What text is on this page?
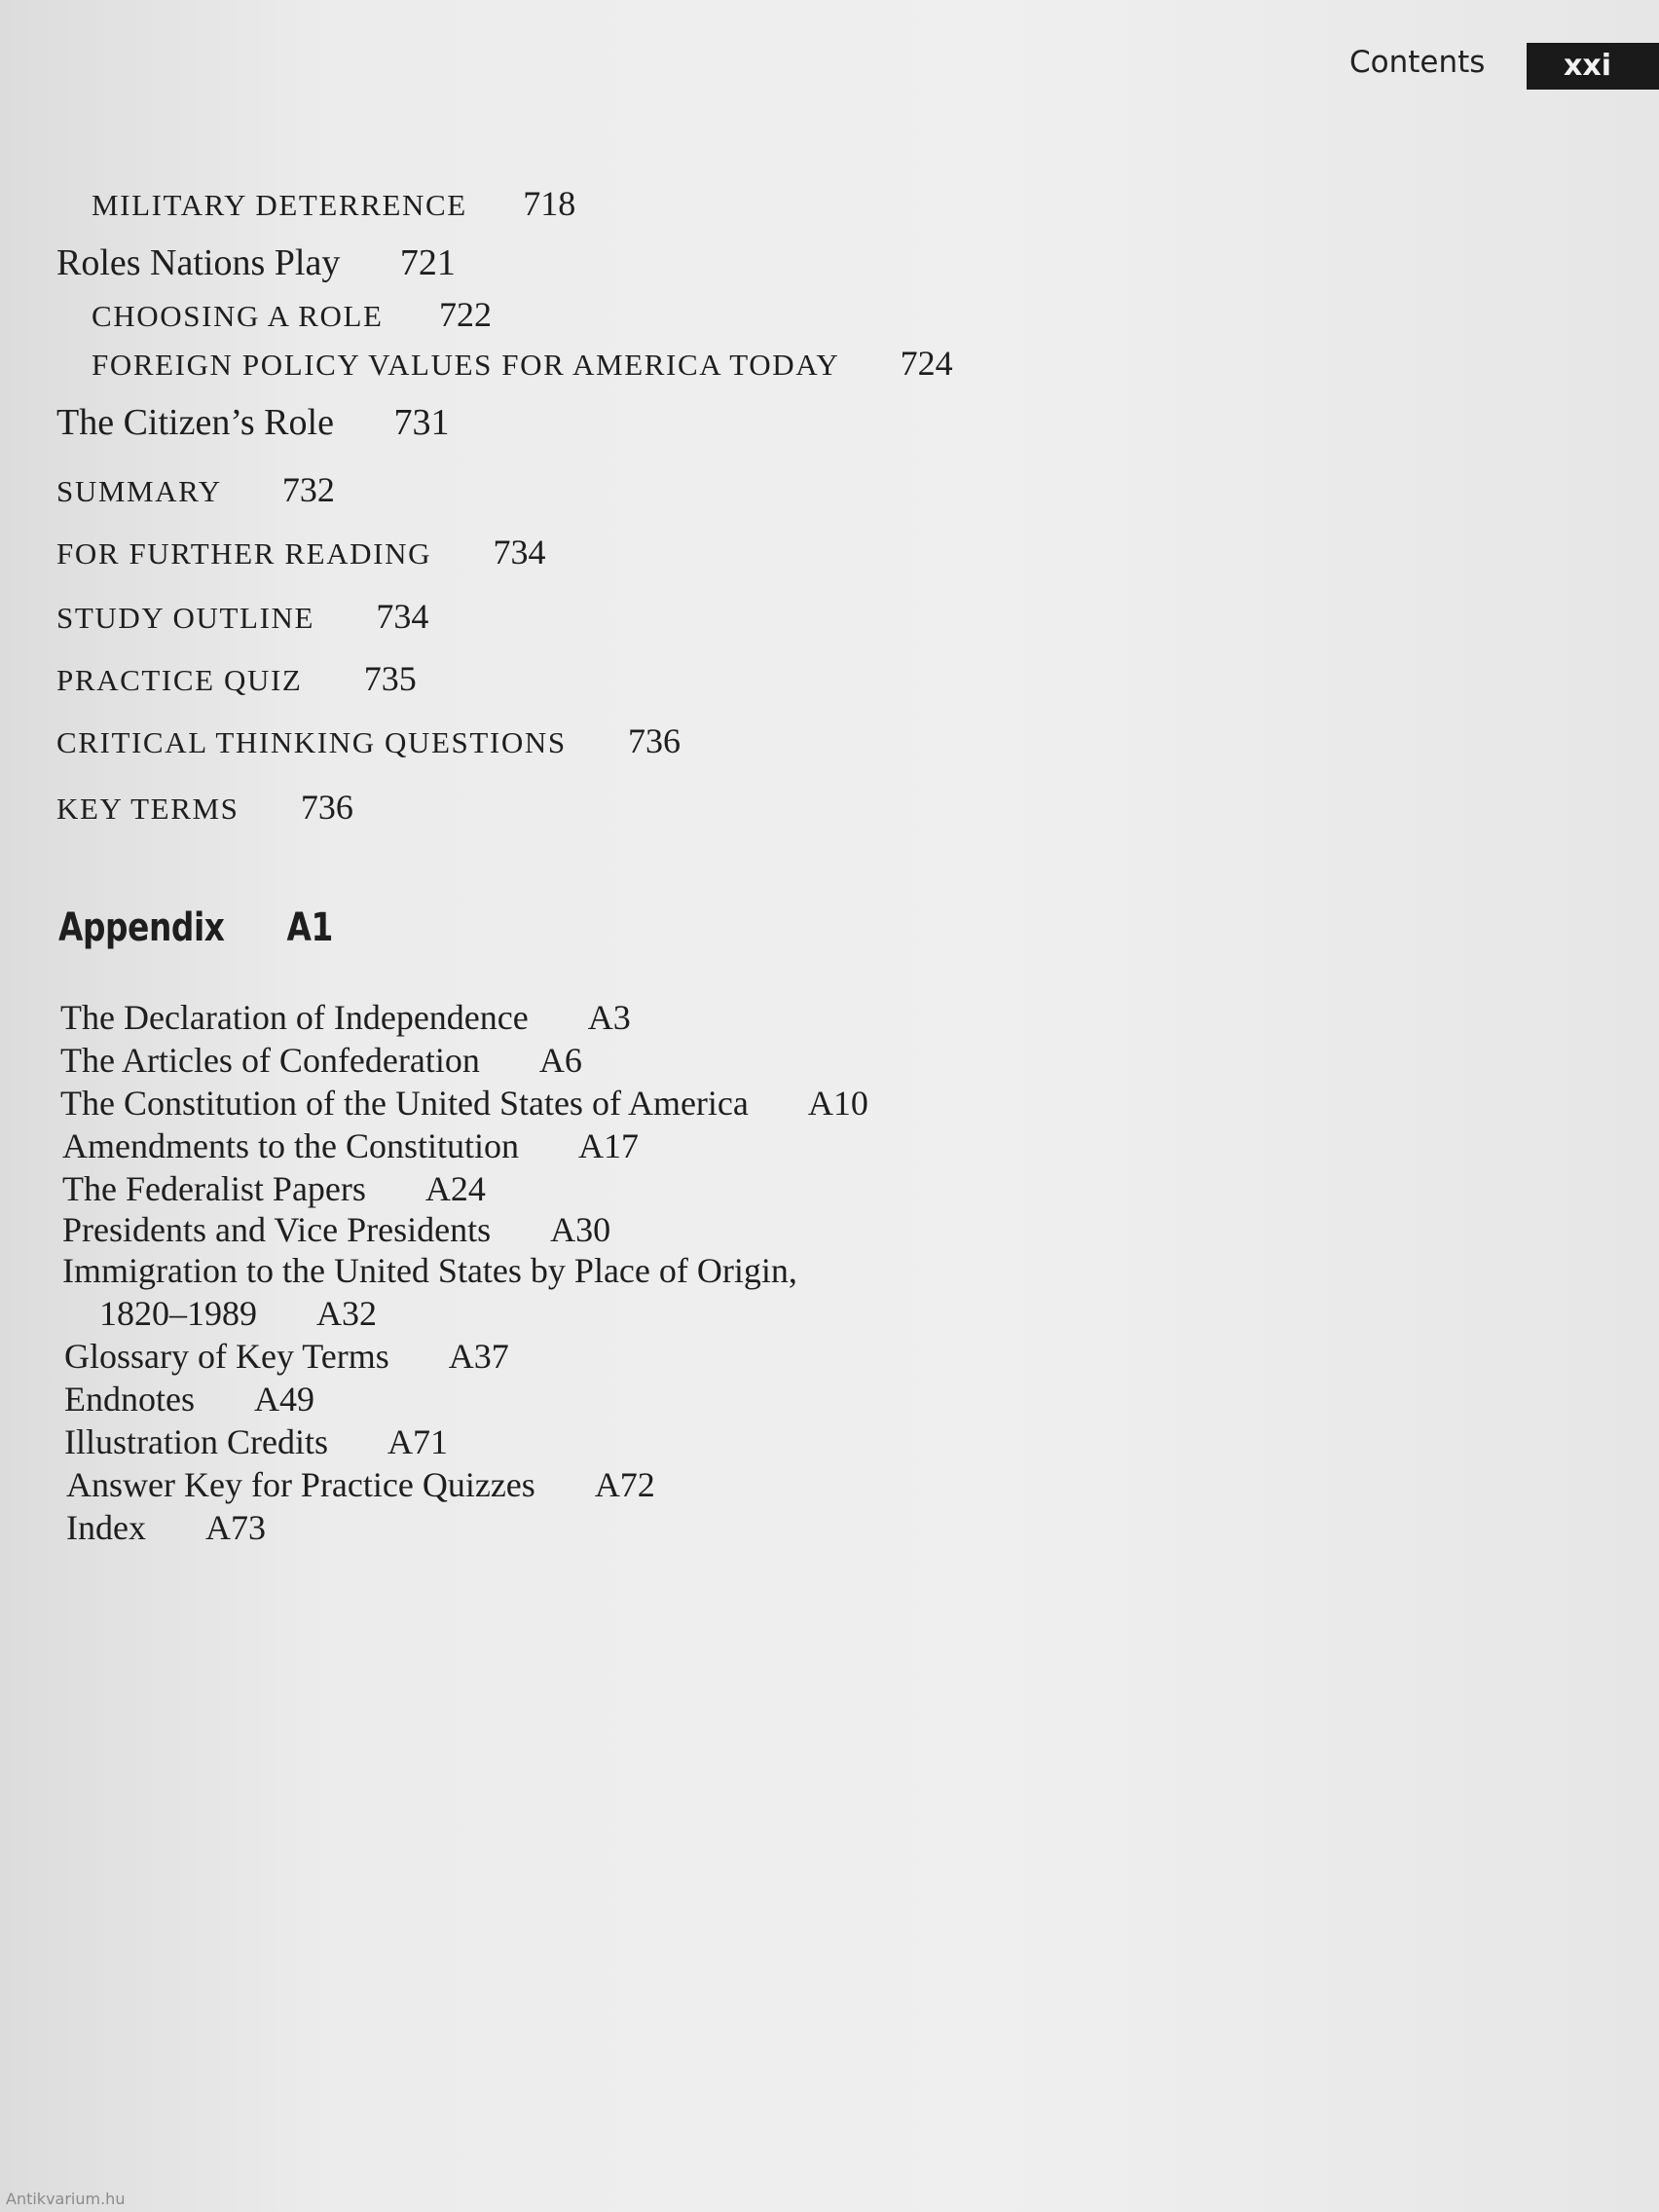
Contents	xxi
MILITARY DETERRENCE 718
Roles Nations Play 721
CHOOSING A ROLE 722
FOREIGN POLICY VALUES FOR AMERICA TODAY 724
The Citizen’s Role 731
SUMMARY 732
FOR FURTHER READING 734
STUDY OUTLINE 734
PRACTICE QUIZ 735
CRITICAL THINKING QUESTIONS 736
KEY TERMS 736
Appendix A1
The Declaration of Independence A3
The Articles of Confederation A6
The Constitution of the United States of America A10
Amendments to the Constitution A17
The Federalist Papers A24
Presidents and Vice Presidents A30
Immigration to the United States by Place of Origin,
1820–1989 A32
Glossary of Key Terms A37
Endnotes A49
Illustration Credits A71
Answer Key for Practice Quizzes A72
Index A73
Antikvarium.hu
